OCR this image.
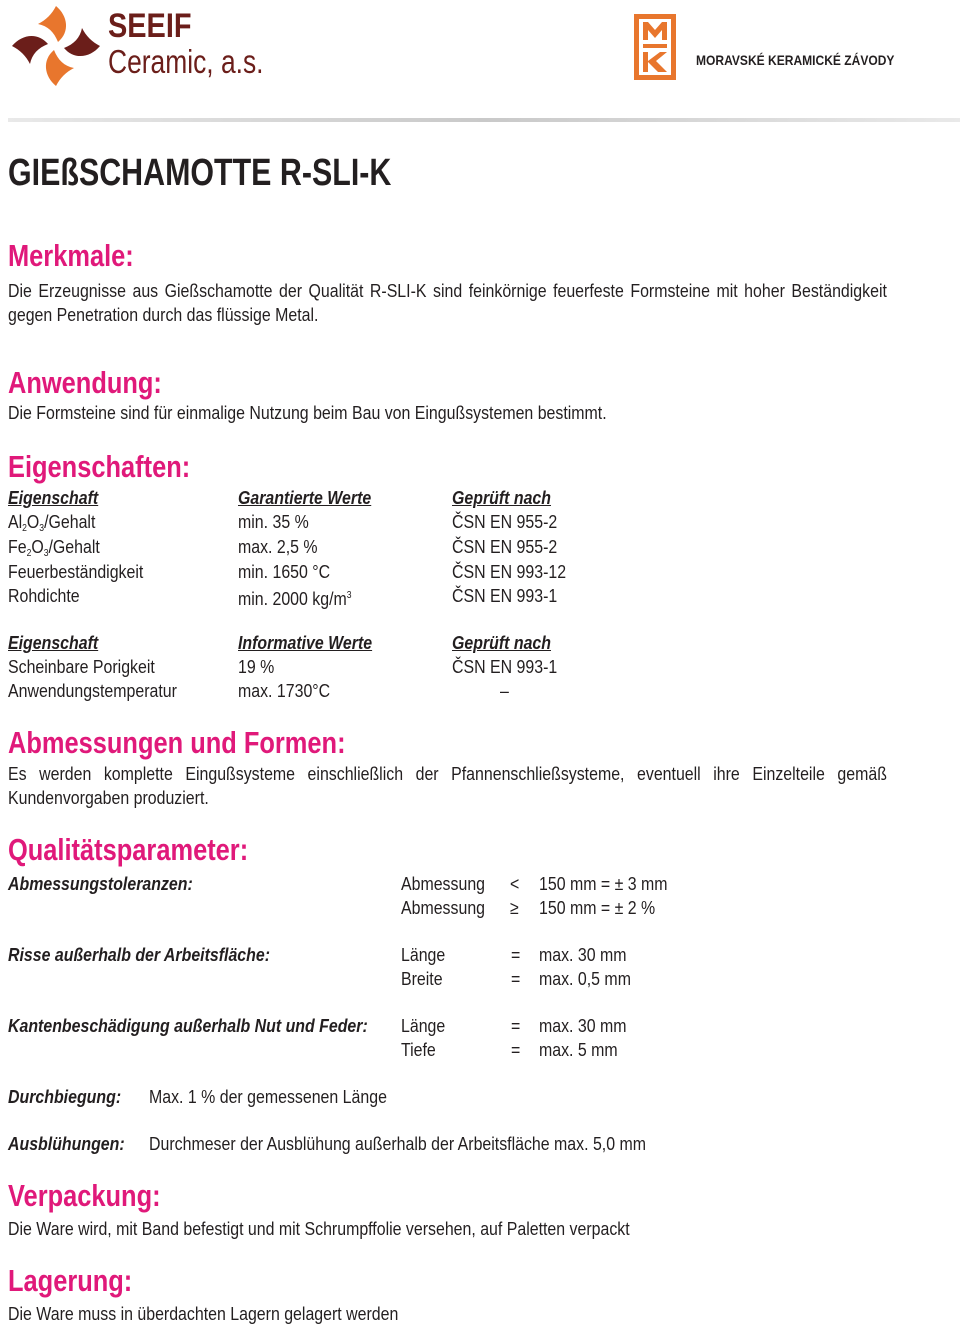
SEEIF
Ceramic, a.s.	MORAVSKÉ KERAMICKÉ ZÁVODY
GIEßSCHAMOTTE R-SLI-K
Merkmale:
Die Erzeugnisse aus Gießschamotte der Qualität R-SLI-K sind feinkörnige feuerfeste Formsteine mit hoher Beständigkeit gegen Penetration durch das flüssige Metal.
Anwendung:
Die Formsteine sind für einmalige Nutzung beim Bau von Eingußsystemen bestimmt.
Eigenschaften:
Eigenschaft	Garantierte Werte	Geprüft nach
$Al_2O_3$/Gehalt	min. 35 %	ČSN EN 955-2
$Fe_2O_3$/Gehalt	max. 2,5 %	ČSN EN 955-2
Feuerbeständigkeit	min. 1650 °C	ČSN EN 993-12
Rohdichte	min. 2000 $kg/m^3$	ČSN EN 993-1
Eigenschaft	Informative Werte	Geprüft nach
Scheinbare Porigkeit	19 %	ČSN EN 993-1
Anwendungstemperatur	max. 1730°C	–
Abmessungen und Formen:
Es werden komplette Eingußsysteme einschließlich der Pfannenschließsysteme, eventuell ihre Einzelteile gemäß Kundenvorgaben produziert.
Qualitätsparameter:
Abmessungstoleranzen:	Abmessung < 150 mm = ± 3 mm
Abmessung ≥ 150 mm = ± 2 %
Risse außerhalb der Arbeitsfläche:	Länge	= max. 30 mm
Breite	= max. 0,5 mm
Kantenbeschädigung außerhalb Nut und Feder: Länge	= max. 30 mm
Tiefe	= max. 5 mm
Durchbiegung: Max. 1 % der gemessenen Länge
Ausblühungen: Durchmeser der Ausblühung außerhalb der Arbeitsfläche max. 5,0 mm
Verpackung:
Die Ware wird, mit Band befestigt und mit Schrumpffolie versehen, auf Paletten verpackt
Lagerung:
Die Ware muss in überdachten Lagern gelagert werden
